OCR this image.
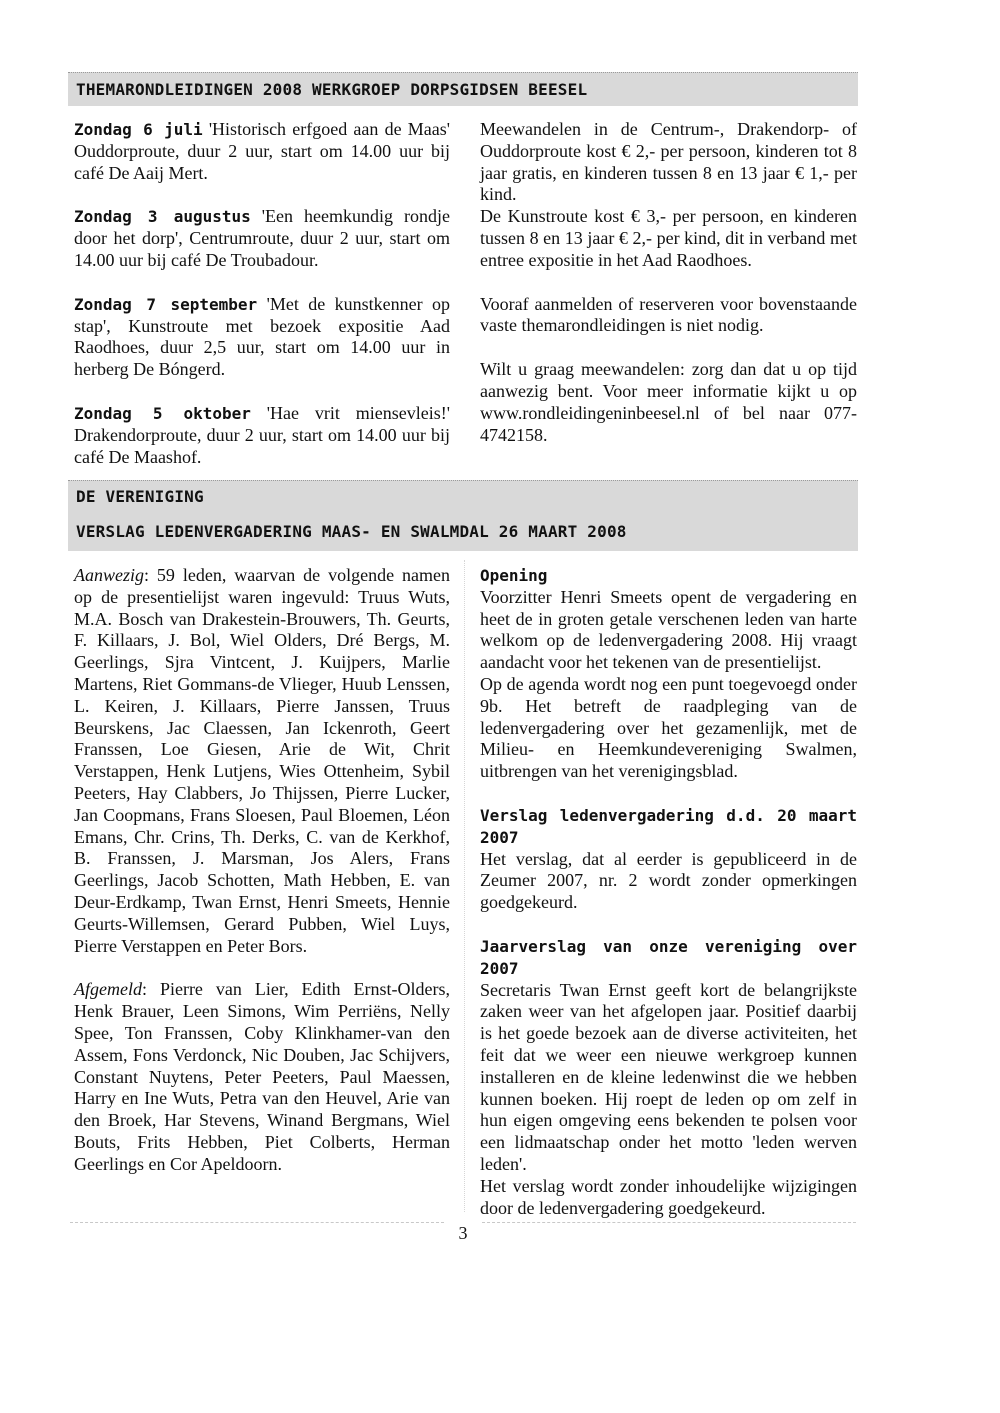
THEMARONDLEIDINGEN 2008 WERKGROEP DORPSGIDSEN BEESEL

Zondag 6 juli 'Historisch erfgoed aan de Maas' Ouddorproute, duur 2 uur, start om 14.00 uur bij café De Aaij Mert.

Zondag 3 augustus 'Een heemkundig rondje door het dorp', Centrumroute, duur 2 uur, start om 14.00 uur bij café De Troubadour.

Zondag 7 september 'Met de kunstkenner op stap', Kunstroute met bezoek expositie Aad Raodhoes, duur 2,5 uur, start om 14.00 uur in herberg De Bóngerd.

Zondag 5 oktober 'Hae vrit miensevleis!' Drakendorproute, duur 2 uur, start om 14.00 uur bij café De Maashof.

Meewandelen in de Centrum-, Drakendorp- of Ouddorproute kost € 2,- per persoon, kinderen tot 8 jaar gratis, en kinderen tussen 8 en 13 jaar € 1,- per kind.

De Kunstroute kost € 3,- per persoon, en kinderen tussen 8 en 13 jaar € 2,- per kind, dit in verband met entree expositie in het Aad Raodhoes.

Vooraf aanmelden of reserveren voor bovenstaande vaste themarondleidingen is niet nodig.

Wilt u graag meewandelen: zorg dan dat u op tijd aanwezig bent. Voor meer informatie kijkt u op www.rondleidingeninbeesel.nl of bel naar 077-4742158.

DE VERENIGING
VERSLAG LEDENVERGADERING MAAS- EN SWALMDAL 26 MAART 2008

Aanwezig: 59 leden, waarvan de volgende namen op de presentielijst waren ingevuld: Truus Wuts, M.A. Bosch van Drakestein-Brouwers, Th. Geurts, F. Killaars, J. Bol, Wiel Olders, Dré Bergs, M. Geerlings, Sjra Vintcent, J. Kuijpers, Marlie Martens, Riet Gommans-de Vlieger, Huub Lenssen, L. Keiren, J. Killaars, Pierre Janssen, Truus Beurskens, Jac Claessen, Jan Ickenroth, Geert Franssen, Loe Giesen, Arie de Wit, Chrit Verstappen, Henk Lutjens, Wies Ottenheim, Sybil Peeters, Hay Clabbers, Jo Thijssen, Pierre Lucker, Jan Coopmans, Frans Sloesen, Paul Bloemen, Léon Emans, Chr. Crins, Th. Derks, C. van de Kerkhof, B. Franssen, J. Marsman, Jos Alers, Frans Geerlings, Jacob Schotten, Math Hebben, E. van Deur-Erdkamp, Twan Ernst, Henri Smeets, Hennie Geurts-Willemsen, Gerard Pubben, Wiel Luys, Pierre Verstappen en Peter Bors.

Afgemeld: Pierre van Lier, Edith Ernst-Olders, Henk Brauer, Leen Simons, Wim Perriëns, Nelly Spee, Ton Franssen, Coby Klinkhamer-van den Assem, Fons Verdonck, Nic Douben, Jac Schijvers, Constant Nuytens, Peter Peeters, Paul Maessen, Harry en Ine Wuts, Petra van den Heuvel, Arie van den Broek, Har Stevens, Winand Bergmans, Wiel Bouts, Frits Hebben, Piet Colberts, Herman Geerlings en Cor Apeldoorn.

Opening
Voorzitter Henri Smeets opent de vergadering en heet de in groten getale verschenen leden van harte welkom op de ledenvergadering 2008. Hij vraagt aandacht voor het tekenen van de presentielijst.

Op de agenda wordt nog een punt toegevoegd onder 9b. Het betreft de raadpleging van de ledenvergadering over het gezamenlijk, met de Milieu- en Heemkundevereniging Swalmen, uitbrengen van het verenigingsblad.

Verslag ledenvergadering d.d. 20 maart 2007
Het verslag, dat al eerder is gepubliceerd in de Zeumer 2007, nr. 2 wordt zonder opmerkingen goedgekeurd.

Jaarverslag van onze vereniging over 2007
Secretaris Twan Ernst geeft kort de belangrijkste zaken weer van het afgelopen jaar. Positief daarbij is het goede bezoek aan de diverse activiteiten, het feit dat we weer een nieuwe werkgroep kunnen installeren en de kleine ledenwinst die we hebben kunnen boeken. Hij roept de leden op om zelf in hun eigen omgeving eens bekenden te polsen voor een lidmaatschap onder het motto 'leden werven leden'.

Het verslag wordt zonder inhoudelijke wijzigingen door de ledenvergadering goedgekeurd.

3
